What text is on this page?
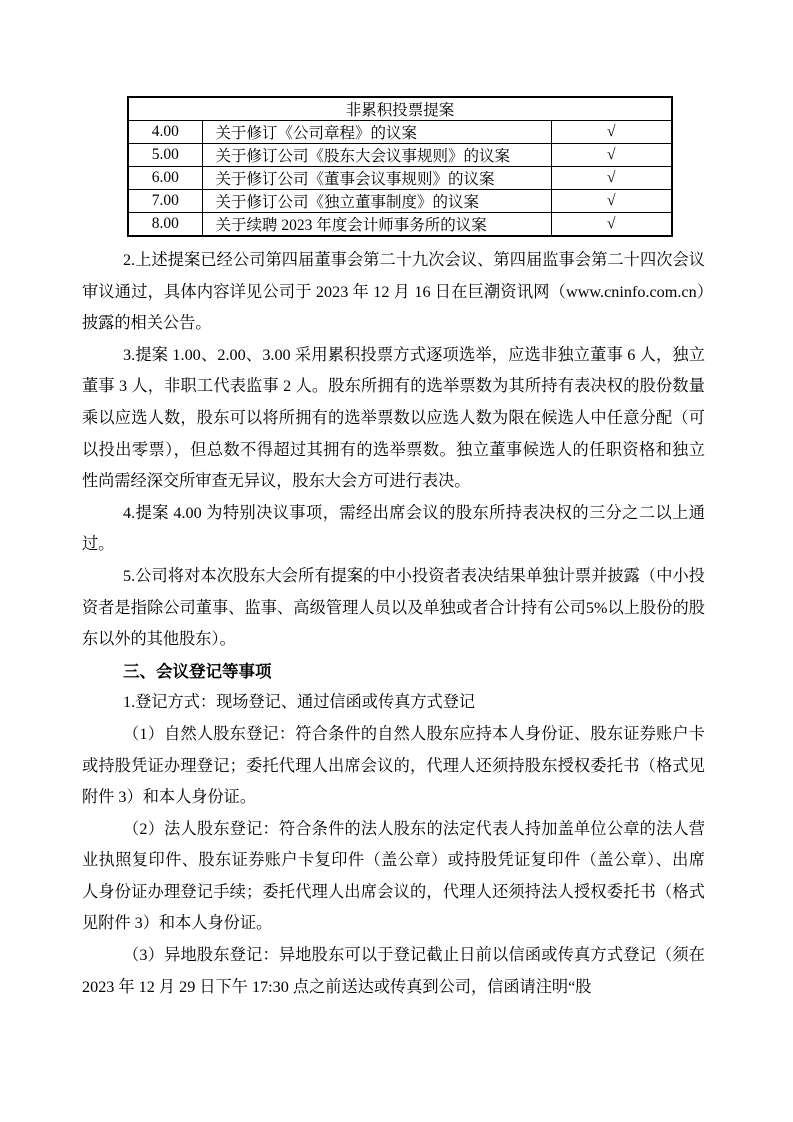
非累积投票提案		
4.00	关于修订《公司章程》的议案	√
5.00	关于修订公司《股东大会议事规则》的议案	√
6.00	关于修订公司《董事会议事规则》的议案	√
7.00	关于修订公司《独立董事制度》的议案	√
8.00	关于续聘 2023 年度会计师事务所的议案	√

2.上述提案已经公司第四届董事会第二十九次会议、第四届监事会第二十四次会议审议通过，具体内容详见公司于 2023 年 12 月 16 日在巨潮资讯网（www.cninfo.com.cn）披露的相关公告。

3.提案 1.00、2.00、3.00 采用累积投票方式逐项选举，应选非独立董事 6 人，独立董事 3 人，非职工代表监事 2 人。股东所拥有的选举票数为其所持有表决权的股份数量乘以应选人数，股东可以将所拥有的选举票数以应选人数为限在候选人中任意分配（可以投出零票），但总数不得超过其拥有的选举票数。独立董事候选人的任职资格和独立性尚需经深交所审查无异议，股东大会方可进行表决。

4.提案 4.00 为特别决议事项，需经出席会议的股东所持表决权的三分之二以上通过。

5.公司将对本次股东大会所有提案的中小投资者表决结果单独计票并披露（中小投资者是指除公司董事、监事、高级管理人员以及单独或者合计持有公司5%以上股份的股东以外的其他股东）。

三、会议登记等事项

1.登记方式：现场登记、通过信函或传真方式登记

（1）自然人股东登记：符合条件的自然人股东应持本人身份证、股东证券账户卡或持股凭证办理登记；委托代理人出席会议的，代理人还须持股东授权委托书（格式见附件 3）和本人身份证。

（2）法人股东登记：符合条件的法人股东的法定代表人持加盖单位公章的法人营业执照复印件、股东证券账户卡复印件（盖公章）或持股凭证复印件（盖公章）、出席人身份证办理登记手续；委托代理人出席会议的，代理人还须持法人授权委托书（格式见附件 3）和本人身份证。

（3）异地股东登记：异地股东可以于登记截止日前以信函或传真方式登记（须在 2023 年 12 月 29 日下午 17:30 点之前送达或传真到公司，信函请注明“股
